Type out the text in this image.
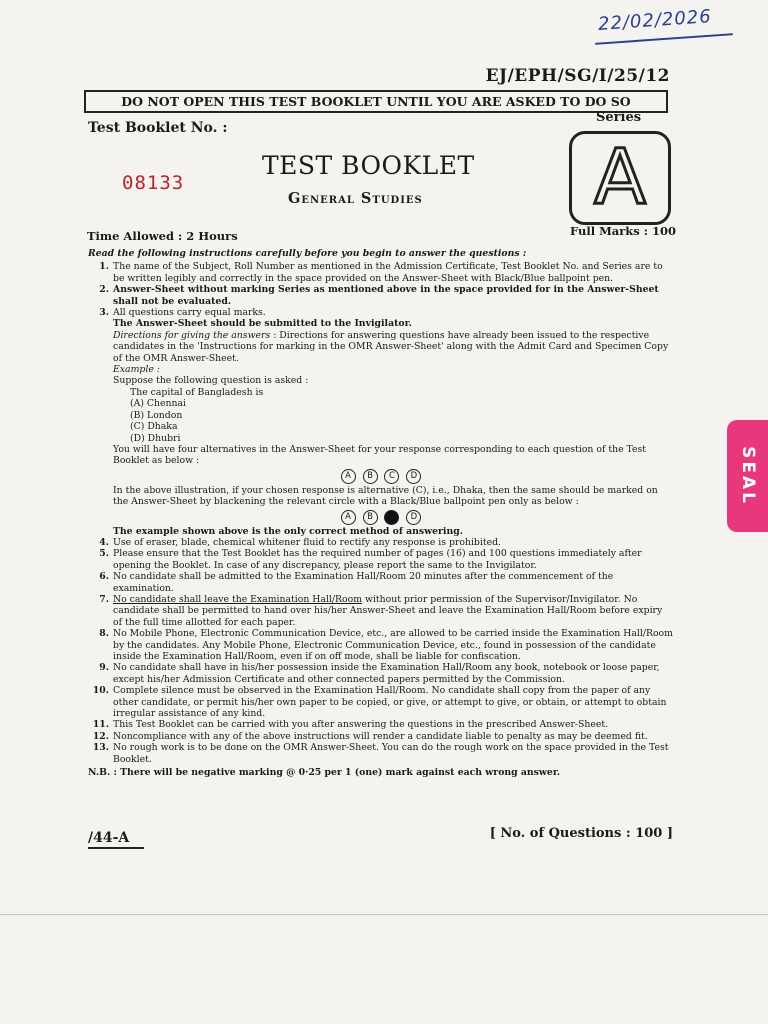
22/02/2026
EJ/EPH/SG/I/25/12
DO NOT OPEN THIS TEST BOOKLET UNTIL YOU ARE ASKED TO DO SO
Test Booklet No. :
08133
TEST BOOKLET
General Studies
Series
A
Time Allowed : 2 Hours	Full Marks : 100
SEAL
Read the following instructions carefully before you begin to answer the questions :
1. The name of the Subject, Roll Number as mentioned in the Admission Certificate, Test Booklet No. and Series are to be written legibly and correctly in the space provided on the Answer-Sheet with Black/Blue ballpoint pen.
2. Answer-Sheet without marking Series as mentioned above in the space provided for in the Answer-Sheet shall not be evaluated.
3. All questions carry equal marks.
The Answer-Sheet should be submitted to the Invigilator.
Directions for giving the answers : Directions for answering questions have already been issued to the respective candidates in the 'Instructions for marking in the OMR Answer-Sheet' along with the Admit Card and Specimen Copy of the OMR Answer-Sheet.
Example :
Suppose the following question is asked :
The capital of Bangladesh is
(A) Chennai
(B) London
(C) Dhaka
(D) Dhubri
You will have four alternatives in the Answer-Sheet for your response corresponding to each question of the Test Booklet as below :
A B C D
In the above illustration, if your chosen response is alternative (C), i.e., Dhaka, then the same should be marked on the Answer-Sheet by blackening the relevant circle with a Black/Blue ballpoint pen only as below :
A B C D
The example shown above is the only correct method of answering.
4. Use of eraser, blade, chemical whitener fluid to rectify any response is prohibited.
5. Please ensure that the Test Booklet has the required number of pages (16) and 100 questions immediately after opening the Booklet. In case of any discrepancy, please report the same to the Invigilator.
6. No candidate shall be admitted to the Examination Hall/Room 20 minutes after the commencement of the examination.
7. No candidate shall leave the Examination Hall/Room without prior permission of the Supervisor/Invigilator. No candidate shall be permitted to hand over his/her Answer-Sheet and leave the Examination Hall/Room before expiry of the full time allotted for each paper.
8. No Mobile Phone, Electronic Communication Device, etc., are allowed to be carried inside the Examination Hall/Room by the candidates. Any Mobile Phone, Electronic Communication Device, etc., found in possession of the candidate inside the Examination Hall/Room, even if on off mode, shall be liable for confiscation.
9. No candidate shall have in his/her possession inside the Examination Hall/Room any book, notebook or loose paper, except his/her Admission Certificate and other connected papers permitted by the Commission.
10. Complete silence must be observed in the Examination Hall/Room. No candidate shall copy from the paper of any other candidate, or permit his/her own paper to be copied, or give, or attempt to give, or obtain, or attempt to obtain irregular assistance of any kind.
11. This Test Booklet can be carried with you after answering the questions in the prescribed Answer-Sheet.
12. Noncompliance with any of the above instructions will render a candidate liable to penalty as may be deemed fit.
13. No rough work is to be done on the OMR Answer-Sheet. You can do the rough work on the space provided in the Test Booklet.
N.B. : There will be negative marking @ 0·25 per 1 (one) mark against each wrong answer.
/44-A	[ No. of Questions : 100 ]
